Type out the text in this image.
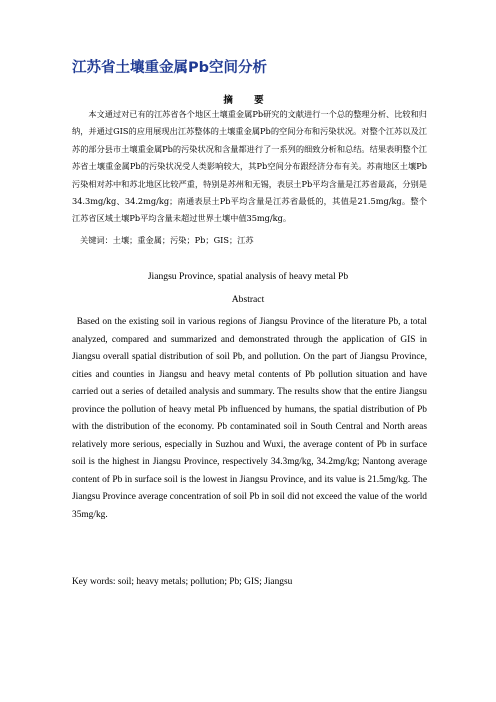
江苏省土壤重金属Pb空间分析
摘 要

本文通过对已有的江苏省各个地区土壤重金属Pb研究的文献进行一个总的整理分析、比较和归纳，并通过GIS的应用展现出江苏整体的土壤重金属Pb的空间分布和污染状况。对整个江苏以及江苏的部分县市土壤重金属Pb的污染状况和含量都进行了一系列的细致分析和总结。结果表明整个江苏省土壤重金属Pb的污染状况受人类影响较大，其Pb空间分布跟经济分布有关。苏南地区土壤Pb污染相对苏中和苏北地区比较严重，特别是苏州和无锡，表层土Pb平均含量是江苏省最高，分别是34.3mg/kg、34.2mg/kg；南通表层土Pb平均含量是江苏省最低的，其值是21.5mg/kg。整个江苏省区域土壤Pb平均含量未超过世界土壤中值35mg/kg。

关键词：土壤；重金属；污染；Pb；GIS；江苏
Jiangsu Province, spatial analysis of heavy metal Pb
Abstract

Based on the existing soil in various regions of Jiangsu Province of the literature Pb, a total analyzed, compared and summarized and demonstrated through the application of GIS in Jiangsu overall spatial distribution of soil Pb, and pollution. On the part of Jiangsu Province, cities and counties in Jiangsu and heavy metal contents of Pb pollution situation and have carried out a series of detailed analysis and summary. The results show that the entire Jiangsu province the pollution of heavy metal Pb influenced by humans, the spatial distribution of Pb with the distribution of the economy. Pb contaminated soil in South Central and North areas relatively more serious, especially in Suzhou and Wuxi, the average content of Pb in surface soil is the highest in Jiangsu Province, respectively 34.3mg/kg, 34.2mg/kg; Nantong average content of Pb in surface soil is the lowest in Jiangsu Province, and its value is 21.5mg/kg. The Jiangsu Province average concentration of soil Pb in soil did not exceed the value of the world 35mg/kg.

Key words: soil; heavy metals; pollution; Pb; GIS; Jiangsu
